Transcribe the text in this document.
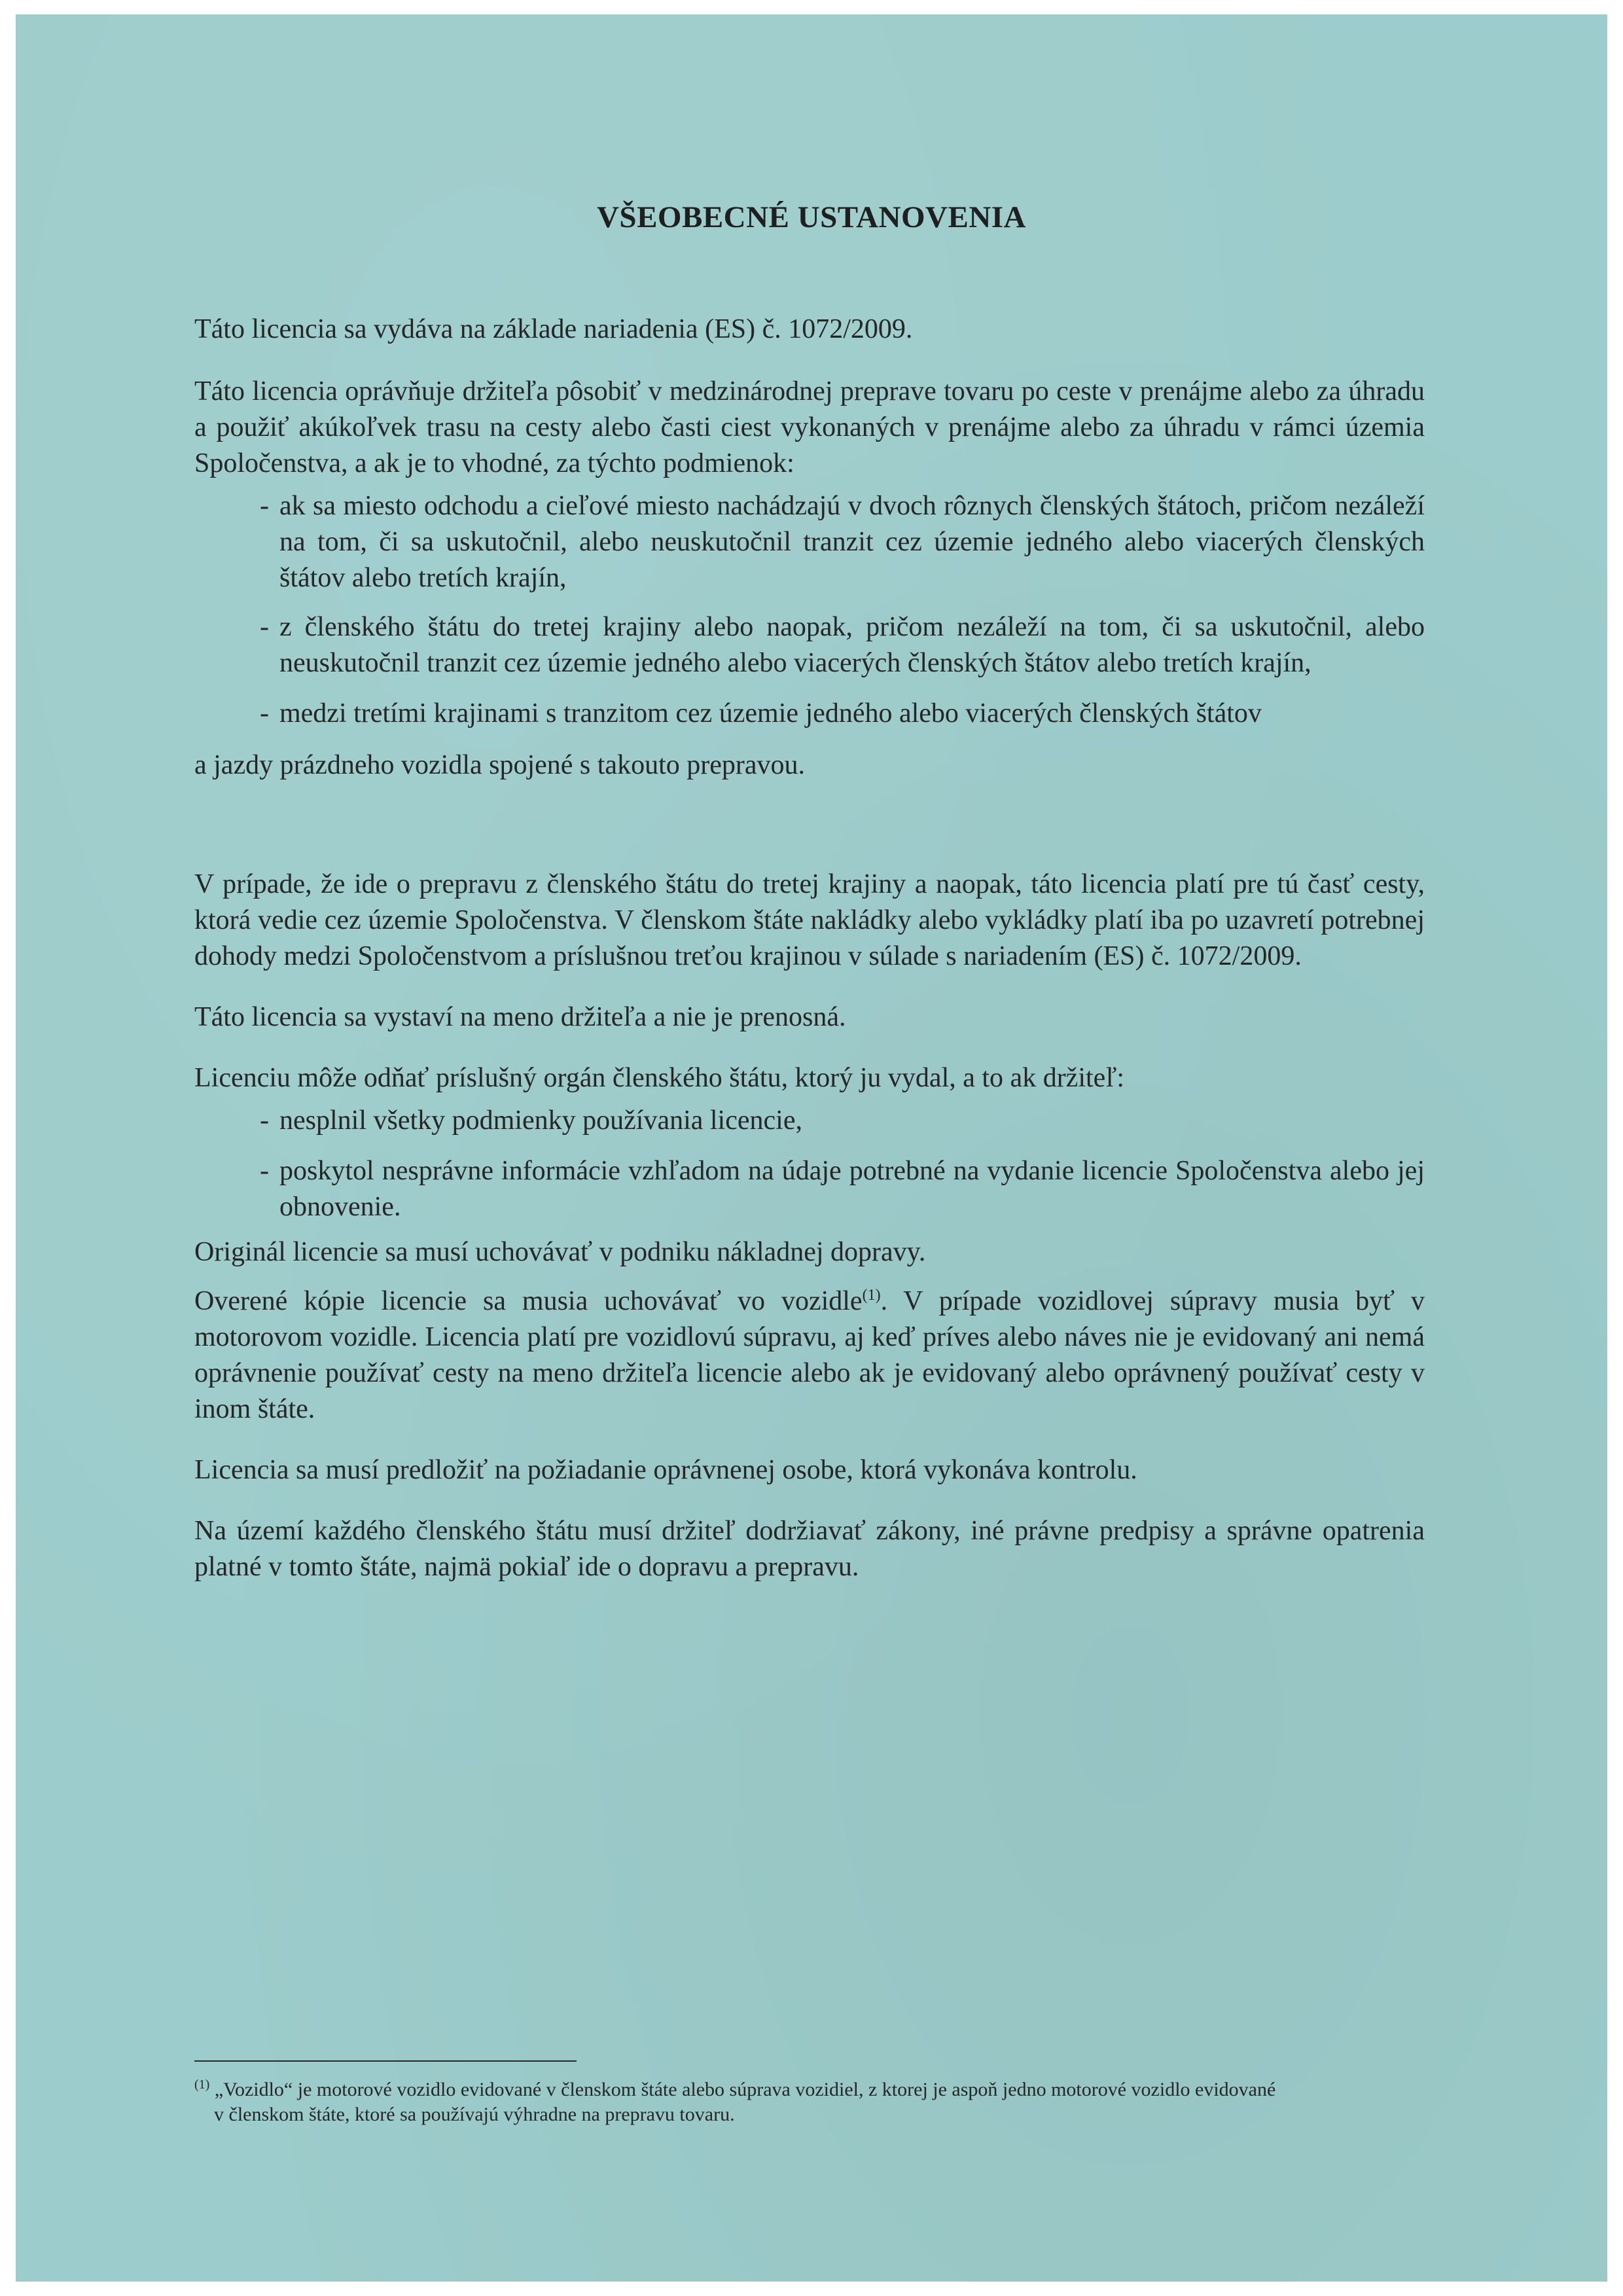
VŠEOBECNÉ USTANOVENIA

Táto licencia sa vydáva na základe nariadenia (ES) č. 1072/2009.

Táto licencia oprávňuje držiteľa pôsobiť v medzinárodnej preprave tovaru po ceste v prenájme alebo za úhradu a použiť akúkoľvek trasu na cesty alebo časti ciest vykonaných v prenájme alebo za úhradu v rámci územia Spoločenstva, a ak je to vhodné, za týchto podmienok:

- ak sa miesto odchodu a cieľové miesto nachádzajú v dvoch rôznych členských štátoch, pričom nezáleží na tom, či sa uskutočnil, alebo neuskutočnil tranzit cez územie jedného alebo viacerých členských štátov alebo tretích krajín,
- z členského štátu do tretej krajiny alebo naopak, pričom nezáleží na tom, či sa uskutočnil, alebo neuskutočnil tranzit cez územie jedného alebo viacerých členských štátov alebo tretích krajín,
- medzi tretími krajinami s tranzitom cez územie jedného alebo viacerých členských štátov

a jazdy prázdneho vozidla spojené s takouto prepravou.

V prípade, že ide o prepravu z členského štátu do tretej krajiny a naopak, táto licencia platí pre tú časť cesty, ktorá vedie cez územie Spoločenstva. V členskom štáte nakládky alebo vykládky platí iba po uzavretí potrebnej dohody medzi Spoločenstvom a príslušnou treťou krajinou v súlade s nariadením (ES) č. 1072/2009.

Táto licencia sa vystaví na meno držiteľa a nie je prenosná.

Licenciu môže odňať príslušný orgán členského štátu, ktorý ju vydal, a to ak držiteľ:

- nesplnil všetky podmienky používania licencie,
- poskytol nesprávne informácie vzhľadom na údaje potrebné na vydanie licencie Spoločenstva alebo jej obnovenie.

Originál licencie sa musí uchovávať v podniku nákladnej dopravy.

Overené kópie licencie sa musia uchovávať vo vozidle$^{(1)}$. V prípade vozidlovej súpravy musia byť v motorovom vozidle. Licencia platí pre vozidlovú súpravu, aj keď príves alebo náves nie je evidovaný ani nemá oprávnenie používať cesty na meno držiteľa licencie alebo ak je evidovaný alebo oprávnený používať cesty v inom štáte.

Licencia sa musí predložiť na požiadanie oprávnenej osobe, ktorá vykonáva kontrolu.

Na území každého členského štátu musí držiteľ dodržiavať zákony, iné právne predpisy a správne opatrenia platné v tomto štáte, najmä pokiaľ ide o dopravu a prepravu.

$^{(1)}$ „Vozidlo“ je motorové vozidlo evidované v členskom štáte alebo súprava vozidiel, z ktorej je aspoň jedno motorové vozidlo evidované
v členskom štáte, ktoré sa používajú výhradne na prepravu tovaru.
